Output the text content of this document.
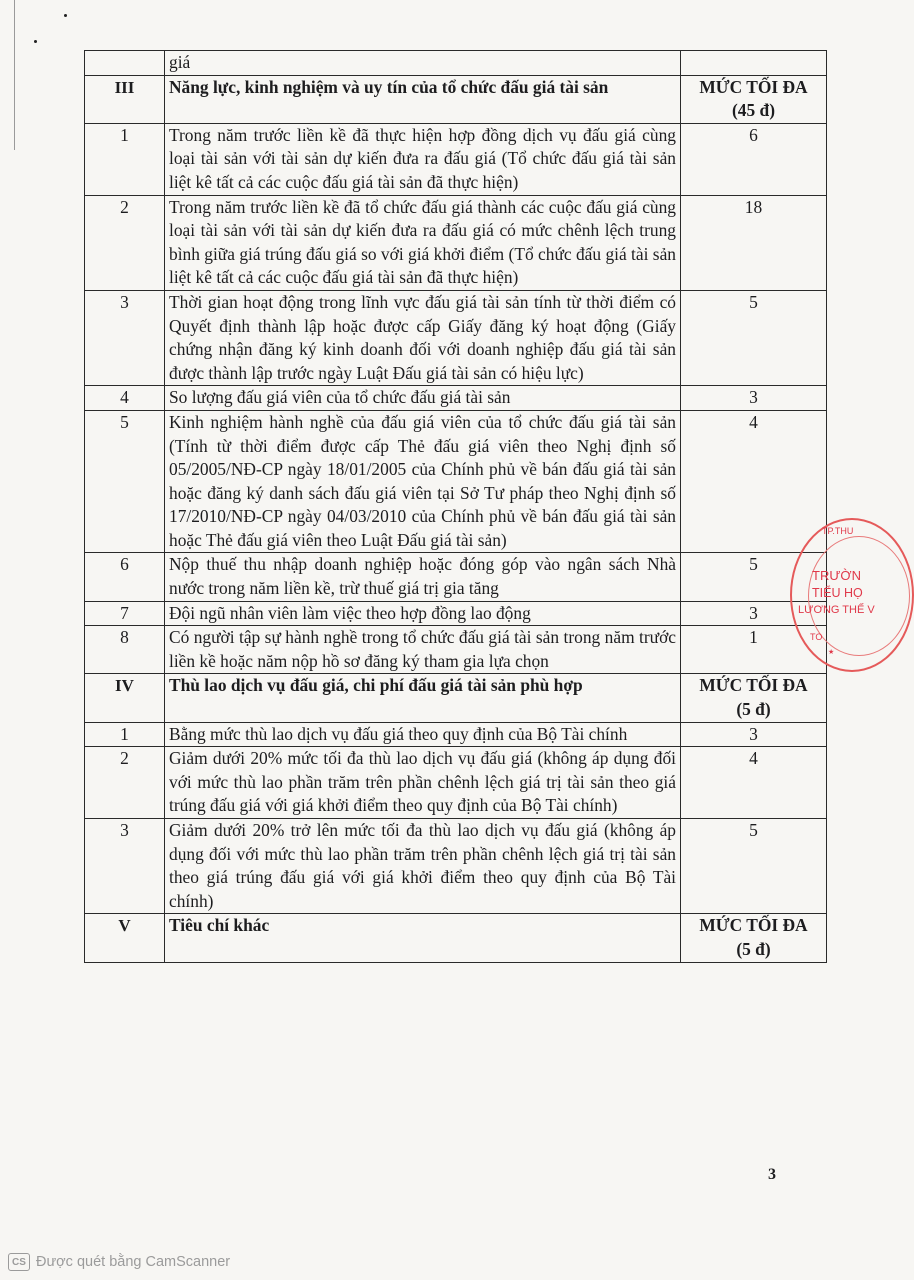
	giá	
III	Năng lực, kinh nghiệm và uy tín của tổ chức đấu giá tài sản	MỨC TỐI ĐA
(45 đ)

1	Trong năm trước liền kề đã thực hiện hợp đồng dịch vụ đấu giá cùng loại tài sản với tài sản dự kiến đưa ra đấu giá (Tổ chức đấu giá tài sản liệt kê tất cả các cuộc đấu giá tài sản đã thực hiện)	6
2	Trong năm trước liền kề đã tổ chức đấu giá thành các cuộc đấu giá cùng loại tài sản với tài sản dự kiến đưa ra đấu giá có mức chênh lệch trung bình giữa giá trúng đấu giá so với giá khởi điểm (Tổ chức đấu giá tài sản liệt kê tất cả các cuộc đấu giá tài sản đã thực hiện)	18
3	Thời gian hoạt động trong lĩnh vực đấu giá tài sản tính từ thời điểm có Quyết định thành lập hoặc được cấp Giấy đăng ký hoạt động (Giấy chứng nhận đăng ký kinh doanh đối với doanh nghiệp đấu giá tài sản được thành lập trước ngày Luật Đấu giá tài sản có hiệu lực)	5
4	So lượng đấu giá viên của tổ chức đấu giá tài sản	3
5	Kinh nghiệm hành nghề của đấu giá viên của tổ chức đấu giá tài sản (Tính từ thời điểm được cấp Thẻ đấu giá viên theo Nghị định số 05/2005/NĐ-CP ngày 18/01/2005 của Chính phủ về bán đấu giá tài sản hoặc đăng ký danh sách đấu giá viên tại Sở Tư pháp theo Nghị định số 17/2010/NĐ-CP ngày 04/03/2010 của Chính phủ về bán đấu giá tài sản hoặc Thẻ đấu giá viên theo Luật Đấu giá tài sản)	4
6	Nộp thuế thu nhập doanh nghiệp hoặc đóng góp vào ngân sách Nhà nước trong năm liền kề, trừ thuế giá trị gia tăng	5
7	Đội ngũ nhân viên làm việc theo hợp đồng lao động	3
8	Có người tập sự hành nghề trong tổ chức đấu giá tài sản trong năm trước liền kề hoặc năm nộp hồ sơ đăng ký tham gia lựa chọn	1
IV	Thù lao dịch vụ đấu giá, chi phí đấu giá tài sản phù hợp	MỨC TỐI ĐA
(5 đ)

1	Bằng mức thù lao dịch vụ đấu giá theo quy định của Bộ Tài chính	3
2	Giảm dưới 20% mức tối đa thù lao dịch vụ đấu giá (không áp dụng đối với mức thù lao phần trăm trên phần chênh lệch giá trị tài sản theo giá trúng đấu giá với giá khởi điểm theo quy định của Bộ Tài chính)	4
3	Giảm dưới 20% trở lên mức tối đa thù lao dịch vụ đấu giá (không áp dụng đối với mức thù lao phần trăm trên phần chênh lệch giá trị tài sản theo giá trúng đấu giá với giá khởi điểm theo quy định của Bộ Tài chính)	5
V	Tiêu chí khác	MỨC TỐI ĐA
(5 đ)
TP.THU
TRƯỜN
TIỂU HỌ
LƯƠNG THẾ V
TO
★
3
CS Được quét bằng CamScanner
